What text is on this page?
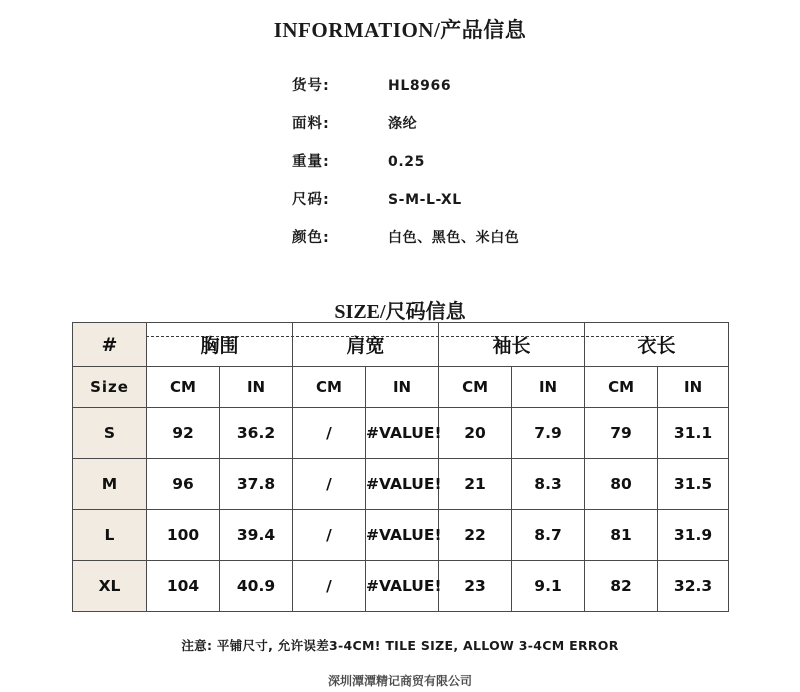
INFORMATION/产品信息
货号:	HL8966
面料:	涤纶
重量:	0.25
尺码:	S-M-L-XL
颜色:	白色、黑色、米白色
SIZE/尺码信息
#	胸围		肩宽		袖长		衣长	
Size	CM	IN	CM	IN	CM	IN	CM	IN
S	92	36.2	/	#VALUE!	20	7.9	79	31.1
M	96	37.8	/	#VALUE!	21	8.3	80	31.5
L	100	39.4	/	#VALUE!	22	8.7	81	31.9
XL	104	40.9	/	#VALUE!	23	9.1	82	32.3
注意: 平铺尺寸, 允许误差3-4CM! TILE SIZE, ALLOW 3-4CM ERROR
深圳潭潭精记商贸有限公司
